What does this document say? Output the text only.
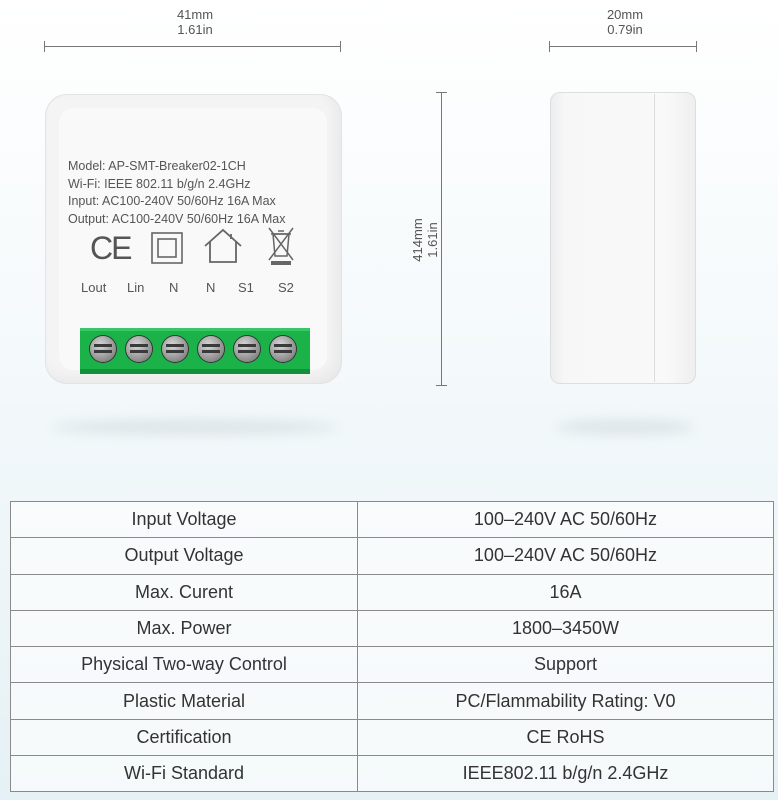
41mm
1.61in
20mm
0.79in
414mm 1.61in
Model: AP-SMT-Breaker02-1CH
Wi-Fi: IEEE 802.11 b/g/n 2.4GHz
Input: AC100-240V 50/60Hz 16A Max
Output: AC100-240V 50/60Hz 16A Max
CE
Lout Lin N N S1 S2
Input Voltage	100–240V AC 50/60Hz
Output Voltage	100–240V AC 50/60Hz
Max. Curent	16A
Max. Power	1800–3450W
Physical Two-way Control	Support
Plastic Material	PC/Flammability Rating: V0
Certification	CE RoHS
Wi-Fi Standard	IEEE802.11 b/g/n 2.4GHz
